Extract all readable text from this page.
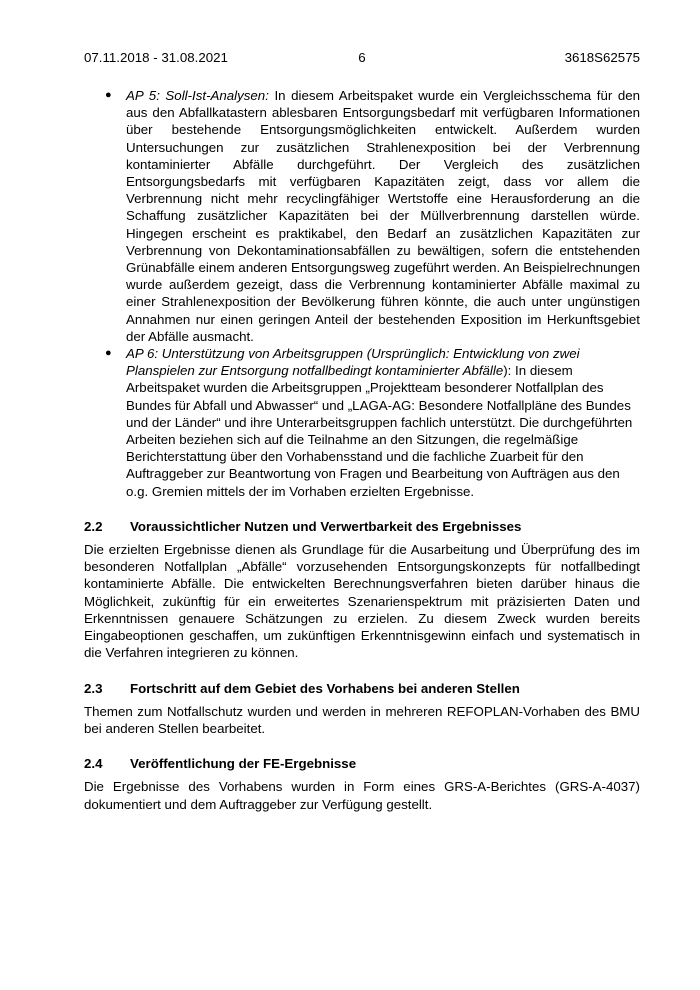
07.11.2018 - 31.08.2021	6	3618S62575
● AP 5: Soll-Ist-Analysen: In diesem Arbeitspaket wurde ein Vergleichsschema für den aus den Abfallkatastern ablesbaren Entsorgungsbedarf mit verfügbaren Informationen über bestehende Entsorgungsmöglichkeiten entwickelt. Außerdem wurden Untersuchungen zur zusätzlichen Strahlenexposition bei der Verbrennung kontaminierter Abfälle durchgeführt. Der Vergleich des zusätzlichen Entsorgungsbedarfs mit verfügbaren Kapazitäten zeigt, dass vor allem die Verbrennung nicht mehr recyclingfähiger Wertstoffe eine Herausforderung an die Schaffung zusätzlicher Kapazitäten bei der Müllverbrennung darstellen würde. Hingegen erscheint es praktikabel, den Bedarf an zusätzlichen Kapazitäten zur Verbrennung von Dekontaminationsabfällen zu bewältigen, sofern die entstehenden Grünabfälle einem anderen Entsorgungsweg zugeführt werden. An Beispielrechnungen wurde außerdem gezeigt, dass die Verbrennung kontaminierter Abfälle maximal zu einer Strahlenexposition der Bevölkerung führen könnte, die auch unter ungünstigen Annahmen nur einen geringen Anteil der bestehenden Exposition im Herkunftsgebiet der Abfälle ausmacht.
● AP 6: Unterstützung von Arbeitsgruppen (Ursprünglich: Entwicklung von zwei Planspielen zur Entsorgung notfallbedingt kontaminierter Abfälle): In diesem Arbeitspaket wurden die Arbeitsgruppen „Projektteam besonderer Notfallplan des Bundes für Abfall und Abwasser“ und „LAGA-AG: Besondere Notfallpläne des Bundes und der Länder“ und ihre Unterarbeitsgruppen fachlich unterstützt. Die durchgeführten Arbeiten beziehen sich auf die Teilnahme an den Sitzungen, die regelmäßige Berichterstattung über den Vorhabensstand und die fachliche Zuarbeit für den Auftraggeber zur Beantwortung von Fragen und Bearbeitung von Aufträgen aus den o.g. Gremien mittels der im Vorhaben erzielten Ergebnisse.
2.2	Voraussichtlicher Nutzen und Verwertbarkeit des Ergebnisses

Die erzielten Ergebnisse dienen als Grundlage für die Ausarbeitung und Überprüfung des im besonderen Notfallplan „Abfälle“ vorzusehenden Entsorgungskonzepts für notfallbedingt kontaminierte Abfälle. Die entwickelten Berechnungsverfahren bieten darüber hinaus die Möglichkeit, zukünftig für ein erweitertes Szenarienspektrum mit präzisierten Daten und Erkenntnissen genauere Schätzungen zu erzielen. Zu diesem Zweck wurden bereits Eingabeoptionen geschaffen, um zukünftigen Erkenntnisgewinn einfach und systematisch in die Verfahren integrieren zu können.

2.3	Fortschritt auf dem Gebiet des Vorhabens bei anderen Stellen

Themen zum Notfallschutz wurden und werden in mehreren REFOPLAN-Vorhaben des BMU bei anderen Stellen bearbeitet.

2.4	Veröffentlichung der FE-Ergebnisse

Die Ergebnisse des Vorhabens wurden in Form eines GRS-A-Berichtes (GRS-A-4037) dokumentiert und dem Auftraggeber zur Verfügung gestellt.
